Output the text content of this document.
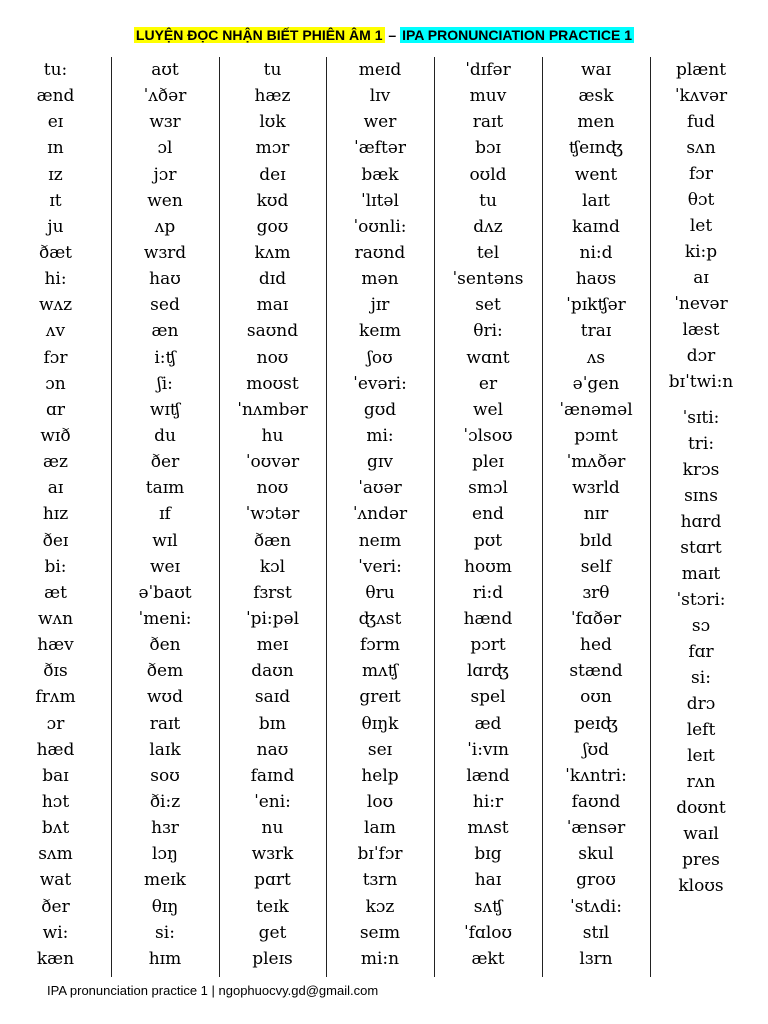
LUYỆN ĐỌC NHẬN BIẾT PHIÊN ÂM 1 – IPA PRONUNCIATION PRACTICE 1
tu:
ænd
eɪ
ɪn
ɪz
ɪt
ju
ðæt
hi:
wʌz
ʌv
fɔr
ɔn
ɑr
wɪð
æz
aɪ
hɪz
ðeɪ
bi:
æt
wʌn
hæv
ðɪs
frʌm
ɔr
hæd
baɪ
hɔt
bʌt
sʌm
wat
ðer
wi:
kæn
aʊt
ˈʌðər
wɜr
ɔl
jɔr
wen
ʌp
wɜrd
haʊ
sed
æn
i:ʧ
ʃi:
wɪʧ
du
ðer
taɪm
ɪf
wɪl
weɪ
əˈbaʊt
ˈmeni:
ðen
ðem
wʊd
raɪt
laɪk
soʊ
ði:z
hɜr
lɔŋ
meɪk
θɪŋ
si:
hɪm
tu
hæz
lʊk
mɔr
deɪ
kʊd
goʊ
kʌm
dɪd
maɪ
saʊnd
noʊ
moʊst
ˈnʌmbər
hu
ˈoʊvər
noʊ
ˈwɔtər
ðæn
kɔl
fɜrst
ˈpi:pəl
meɪ
daʊn
saɪd
bɪn
naʊ
faɪnd
ˈeni:
nu
wɜrk
pɑrt
teɪk
get
pleɪs
meɪd
lɪv
wer
ˈæftər
bæk
ˈlɪtəl
ˈoʊnli:
raʊnd
mən
jɪr
keɪm
ʃoʊ
ˈevəri:
gʊd
mi:
gɪv
ˈaʊər
ˈʌndər
neɪm
ˈveri:
θru
ʤʌst
fɔrm
mʌʧ
greɪt
θɪŋk
seɪ
help
loʊ
laɪn
bɪˈfɔr
tɜrn
kɔz
seɪm
mi:n
ˈdɪfər
muv
raɪt
bɔɪ
oʊld
tu
dʌz
tel
ˈsentəns
set
θri:
wɑnt
er
wel
ˈɔlsoʊ
pleɪ
smɔl
end
pʊt
hoʊm
ri:d
hænd
pɔrt
lɑrʤ
spel
æd
ˈi:vɪn
lænd
hi:r
mʌst
bɪg
haɪ
sʌʧ
ˈfɑloʊ
ækt
waɪ
æsk
men
ʧeɪnʤ
went
laɪt
kaɪnd
ni:d
haʊs
ˈpɪkʧər
traɪ
ʌs
əˈgen
ˈænəməl
pɔɪnt
ˈmʌðər
wɜrld
nɪr
bɪld
self
ɜrθ
ˈfɑðər
hed
stænd
oʊn
peɪʤ
ʃʊd
ˈkʌntri:
faʊnd
ˈænsər
skul
groʊ
ˈstʌdi:
stɪl
lɜrn
plænt
ˈkʌvər
fud
sʌn
fɔr
θɔt
let
ki:p
aɪ
ˈnevər
læst
dɔr
bɪˈtwi:n
ˈsɪti:
tri:
krɔs
sɪns
hɑrd
stɑrt
maɪt
ˈstɔri:
sɔ
fɑr
si:
drɔ
left
leɪt
rʌn
doʊnt
waɪl
pres
kloʊs
IPA pronunciation practice 1 | ngophuocvy.gd@gmail.com
